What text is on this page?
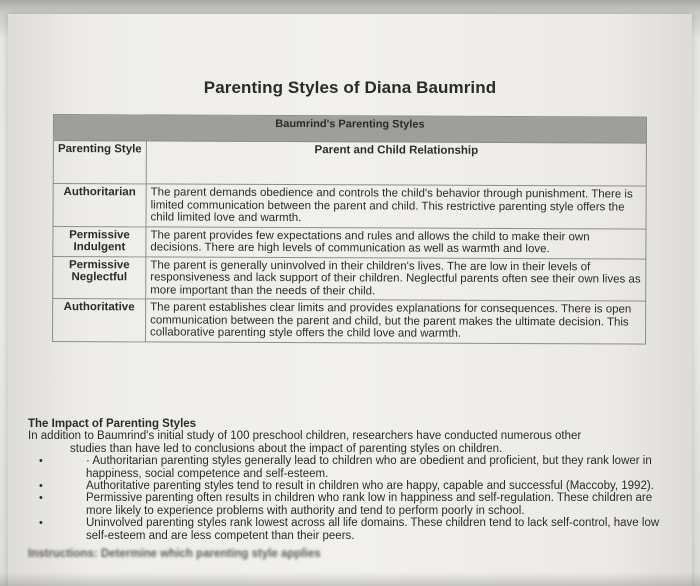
Parenting Styles of Diana Baumrind
Baumrind's Parenting Styles	
Parenting Style	Parent and Child Relationship
Authoritarian	The parent demands obedience and controls the child's behavior through punishment. There is limited communication between the parent and child. This restrictive parenting style offers the child limited love and warmth.
Permissive Indulgent	The parent provides few expectations and rules and allows the child to make their own decisions. There are high levels of communication as well as warmth and love.
Permissive Neglectful	The parent is generally uninvolved in their children's lives. The are low in their levels of responsiveness and lack support of their children. Neglectful parents often see their own lives as more important than the needs of their child.
Authoritative	The parent establishes clear limits and provides explanations for consequences. There is open communication between the parent and child, but the parent makes the ultimate decision. This collaborative parenting style offers the child love and warmth.
The Impact of Parenting Styles

In addition to Baumrind's initial study of 100 preschool children, researchers have conducted numerous other

studies than have led to conclusions about the impact of parenting styles on children.

•	· Authoritarian parenting styles generally lead to children who are obedient and proficient, but they rank lower in happiness, social competence and self-esteem.
•	Authoritative parenting styles tend to result in children who are happy, capable and successful (Maccoby, 1992).
•	Permissive parenting often results in children who rank low in happiness and self-regulation. These children are more likely to experience problems with authority and tend to perform poorly in school.
•	Uninvolved parenting styles rank lowest across all life domains. These children tend to lack self-control, have low self-esteem and are less competent than their peers.
Instructions: Determine which parenting style applies
